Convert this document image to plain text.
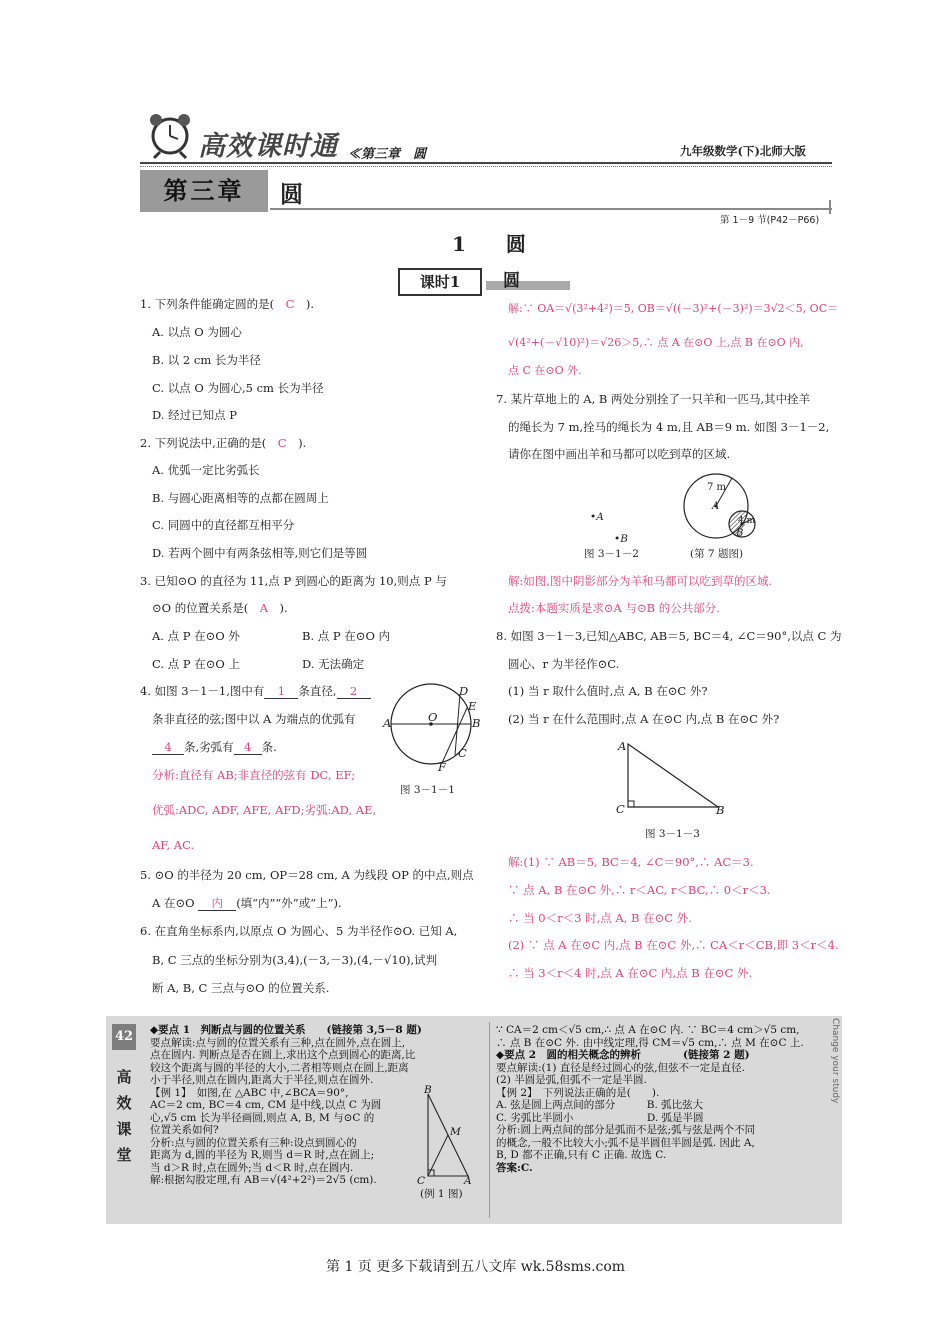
高效课时通 ≪第三章　圆	九年级数学(下)北师大版
第三章	圆
第 1－9 节(P42－P66)
1　圆
课时1	圆
1. 下列条件能确定圆的是(　C　).
A. 以点 O 为圆心
B. 以 2 cm 长为半径
C. 以点 O 为圆心,5 cm 长为半径
D. 经过已知点 P
2. 下列说法中,正确的是(　C　).
A. 优弧一定比劣弧长
B. 与圆心距离相等的点都在圆周上
C. 同圆中的直径都互相平分
D. 若两个圆中有两条弦相等,则它们是等圆
3. 已知⊙O 的直径为 11,点 P 到圆心的距离为 10,则点 P 与
⊙O 的位置关系是(　A　).
A. 点 P 在⊙O 外	B. 点 P 在⊙O 内
C. 点 P 在⊙O 上	D. 无法确定
4. 如图 3－1－1,图中有 1 条直径, 2
条非直径的弦;图中以 A 为端点的优弧有
4 条,劣弧有 4 条.
分析:直径有 AB;非直径的弦有 DC, EF;
优弧:ADC, ADF, AFE, AFD;劣弧:AD, AE,
AF, AC.
D
E
B
C
F
A	O
图 3－1－1
5. ⊙O 的半径为 20 cm, OP＝28 cm, A 为线段 OP 的中点,则点
A 在⊙O 内 (填“内”“外”或“上”).
6. 在直角坐标系内,以原点 O 为圆心、5 为半径作⊙O. 已知 A,
B, C 三点的坐标分别为(3,4),(－3,－3),(4,－√10),试判
断 A, B, C 三点与⊙O 的位置关系.
解:∵ OA＝√(3²+4²)＝5, OB＝√((－3)²+(－3)²)＝3√2＜5, OC＝
√(4²+(－√10)²)＝√26＞5,∴ 点 A 在⊙O 上,点 B 在⊙O 内,
点 C 在⊙O 外.
7. 某片草地上的 A, B 两处分别拴了一只羊和一匹马,其中拴羊
的绳长为 7 m,拴马的绳长为 4 m,且 AB＝9 m. 如图 3－1－2,
请你在图中画出羊和马都可以吃到草的区域.
•A
•B
图 3－1－2
7 m
A
4 m
B
(第 7 题图)
解:如图,图中阴影部分为羊和马都可以吃到草的区域.
点拨:本题实质是求⊙A 与⊙B 的公共部分.
8. 如图 3－1－3,已知△ABC, AB＝5, BC＝4, ∠C＝90°,以点 C 为
圆心、r 为半径作⊙C.
(1) 当 r 取什么值时,点 A, B 在⊙C 外?
(2) 当 r 在什么范围时,点 A 在⊙C 内,点 B 在⊙C 外?
A
C	B
图 3－1－3
解:(1) ∵ AB＝5, BC＝4, ∠C＝90°,∴ AC＝3.
∵ 点 A, B 在⊙C 外,∴ r＜AC, r＜BC,∴ 0＜r＜3.
∴ 当 0＜r＜3 时,点 A, B 在⊙C 外.
(2) ∵ 点 A 在⊙C 内,点 B 在⊙C 外,∴ CA＜r＜CB,即 3＜r＜4.
∴ 当 3＜r＜4 时,点 A 在⊙C 内,点 B 在⊙C 外.
42
高
效
课
堂
◆要点 1　判断点与圆的位置关系　　(链接第 3,5－8 题)
要点解读:点与圆的位置关系有三种,点在圆外,点在圆上,
点在圆内. 判断点是否在圆上,求出这个点到圆心的距离,比
较这个距离与圆的半径的大小,二者相等则点在圆上,距离
小于半径,则点在圆内,距离大于半径,则点在圆外.
【例 1】　如图,在 △ABC 中,∠BCA＝90°,
AC＝2 cm, BC＝4 cm, CM 是中线,以点 C 为圆
心,√5 cm 长为半径画圆,则点 A, B, M 与⊙C 的
位置关系如何?
分析:点与圆的位置关系有三种:设点到圆心的
距离为 d,圆的半径为 R,则当 d＝R 时,点在圆上;
当 d＞R 时,点在圆外;当 d＜R 时,点在圆内.
解:根据勾股定理,有 AB＝√(4²+2²)＝2√5 (cm).
B
M
C	A
(例 1 图)
∵ CA＝2 cm＜√5 cm,∴ 点 A 在⊙C 内. ∵ BC＝4 cm＞√5 cm,
∴ 点 B 在⊙C 外. 由中线定理,得 CM＝√5 cm,∴ 点 M 在⊙C 上.
◆要点 2　圆的相关概念的辨析　　　　(链接第 2 题)
要点解读:(1) 直径是经过圆心的弦,但弦不一定是直径.
(2) 半圆是弧,但弧不一定是半圆.
【例 2】　下列说法正确的是(　　).
A. 弦是圆上两点间的部分　　　B. 弧比弦大
C. 劣弧比半圆小　　　　　　　D. 弧是半圆
分析:圆上两点间的部分是弧而不是弦;弧与弦是两个不同
的概念,一般不比较大小;弧不是半圆但半圆是弧. 因此 A,
B, D 都不正确,只有 C 正确. 故选 C.
答案:C.
Change your study
第 1 页 更多下载请到五八文库 wk.58sms.com
